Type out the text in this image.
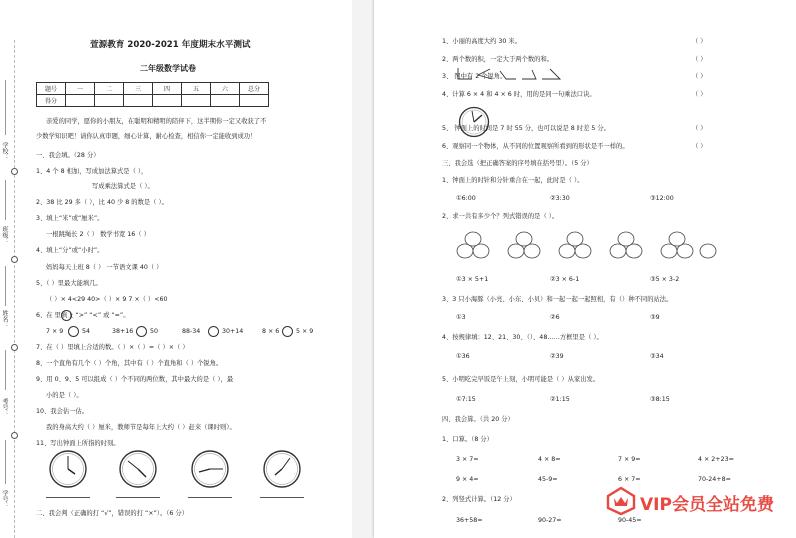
学校：
班级：
姓名：
考号：
学号：
萱源教育 2020-2021 年度期末水平测试
二年级数学试卷
题号	一	二	三	四	五	六	总分
得分							
亲爱的同学，愿你的小朋友，在聪明和精明的陪伴下，这半期你一定又收获了不
少数学知识吧！请你认真审题，细心计算，耐心检查，相信你一定能收到成功！
一、我会填。（28 分）
1、4 个 8 相加，写成加法算式是（ ），
写成乘法算式是（ ）。
2、38 比 29 多（ ），比 40 少 8 的数是（ ）。
3、填上“米”或“厘米”。
一根跳绳长 2（ ） 数学书宽 16（ ）
4、填上“分”或“小时”。
妈妈每天上班 8（ ） 一节语文课 40（ ）
5、（ ）里最大能填几。
（ ）× 4<29 40>（ ）× 9 7 ×（ ）<60
6、在 里填上 “>” “<” 或 “=”。
7 × 9	54	38+16	50	88-34	30+14	8 × 6	5 × 9
7、在（ ）里填上合适的数。（ ）×（ ）=（ ）×（ ）
8、一个直角有几个（ ）个角，其中有（ ）个直角和（ ）个锐角。
9、用 0、9、5 可以组成（ ）个不同的两位数，其中最大的是（ ），最
小的是（ ）。
10、我会估一估。
我的身高大约（ ）厘米，教师节是每年上大约（ ）赶来（课时则）。
11、写出钟面上所指的时刻。
二、我会判（正确的打 “√”，错误的打 “×”）。（6 分）
1、小丽的高度大约 30 米。	（ ）
2、两个数的积，一定大于两个数的和。	（ ）
3、 图中有 2 个锐角。	（ ）
4、计算 6 × 4 和 4 × 6 时，用的是同一句乘法口诀。	（ ）
5、 钟面上的时间是 7 时 55 分，也可以说是 8 时差 5 分。	（ ）
6、观察同一个物体，从不同的位置观察所看到的形状是不一样的。	（ ）
三、我会选（把正确答案的序号填在括号里）。（5 分）
1、钟面上的时针和分针重合在一起，此时是（ ）。
①6:00	②3:30	③12:00
2、求一共有多少个？列式错误的是（ ）。
①3 × 5+1	②3 × 6-1	③5 × 3-2
3、3 只小海豚（小亮、小东、小贝）和一起一起一起照相，有（）种不同的站法。
①3	②6	③9
4、按规律填：12、21、30、（）、48……方框里是（ ）。
①36	②39	③34
5、小明吃完早饭是午上刻，小明可能是（ ）从家出发。
①7:15	②1:15	③8:15
四、我会算。（共 20 分）
1、口算。（8 分）
3 × 7=	4 × 8=	7 × 9=	4 × 2+23=
9 × 4=	45-9=	6 × 7=	70-24+8=
2、列竖式计算。（12 分）
36+58=	90-27=	90-45=
VIP会员全站免费
